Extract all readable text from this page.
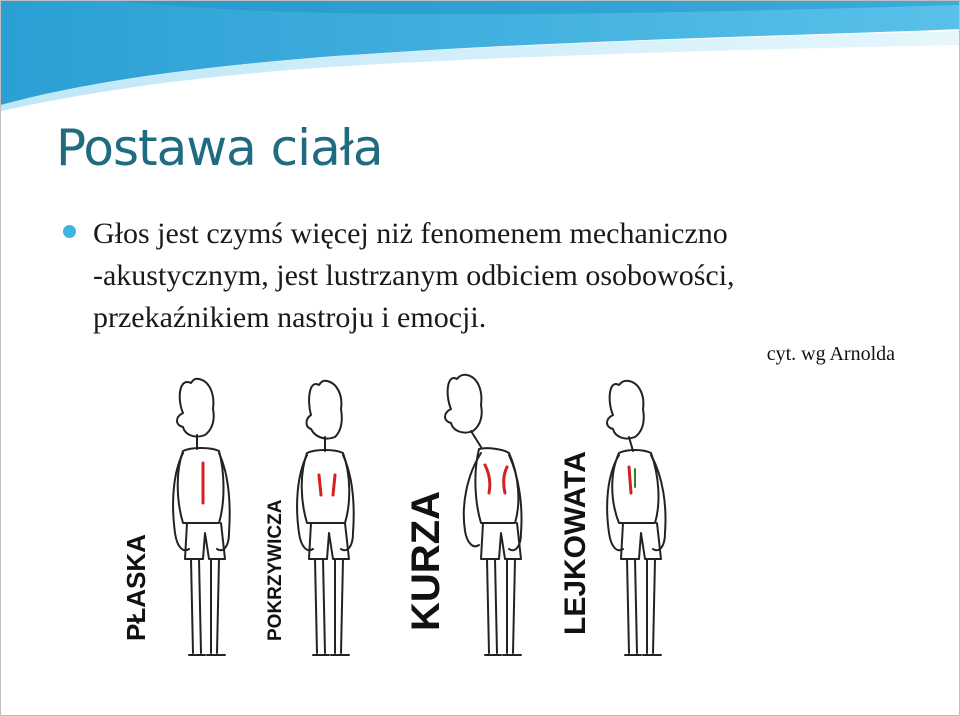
Postawa ciała

Głos jest czymś więcej niż fenomenem mechaniczno
-akustycznym, jest lustrzanym odbiciem osobowości,
przekaźnikiem nastroju i emocji.

cyt. wg Arnolda
PŁASKA	POKRZYWICZA	KURZA	LEJKOWATA
